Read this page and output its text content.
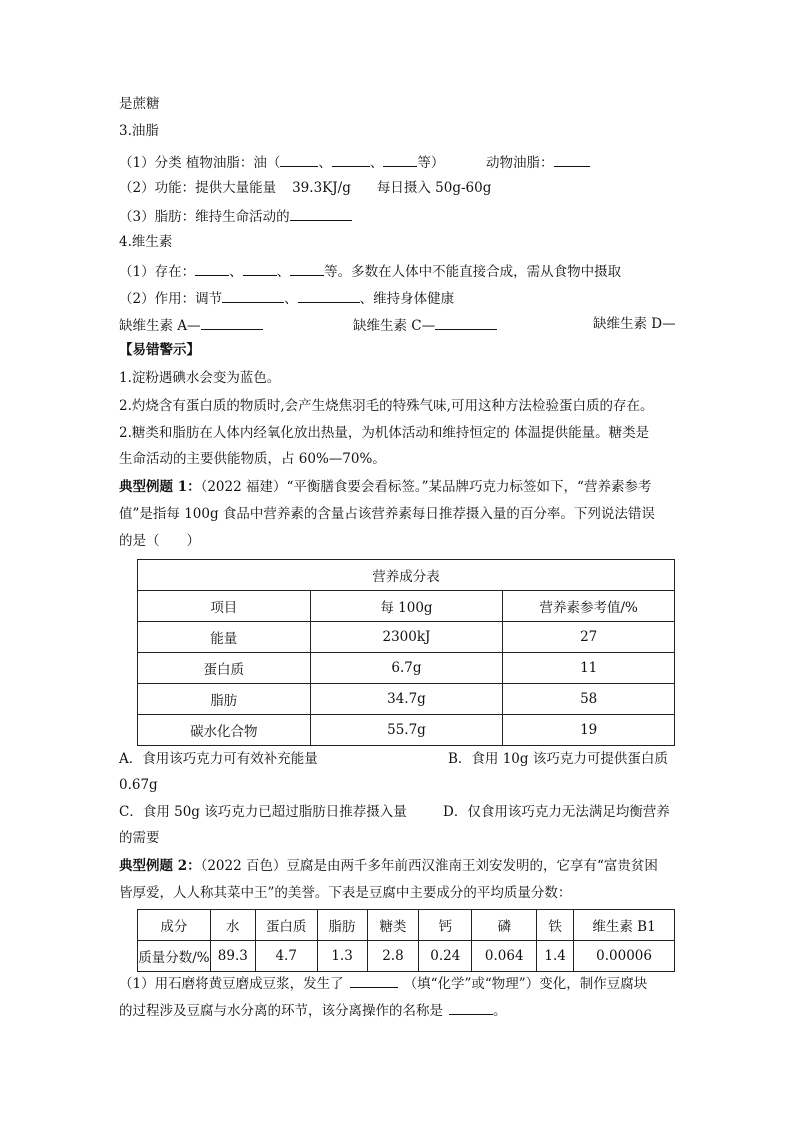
是蔗糖
3.油脂
（1）分类 植物油脂：油（	、	、	等）	动物油脂：
（2）功能：提供大量能量 39.3KJ/g 每日摄入 50g-60g
（3）脂肪：维持生命活动的
4.维生素
（1）存在：	、	、	等。多数在人体中不能直接合成，需从食物中摄取
（2）作用：调节	、	、维持身体健康
缺维生素 A—	缺维生素 C—	缺维生素 D—
【易错警示】
1.淀粉遇碘水会变为蓝色。
2.灼烧含有蛋白质的物质时,会产生烧焦羽毛的特殊气味,可用这种方法检验蛋白质的存在。
2.糖类和脂肪在人体内经氧化放出热量，为机体活动和维持恒定的 体温提供能量。糖类是
生命活动的主要供能物质，占 60%—70%。
典型例题 1：（2022 福建）“平衡膳食要会看标签。”某品牌巧克力标签如下，“营养素参考
值”是指每 100g 食品中营养素的含量占该营养素每日推荐摄入量的百分率。下列说法错误
的是（　　）
营养成分表		
项目	每 100g	营养素参考值/%
能量	2300kJ	27
蛋白质	6.7g	11
脂肪	34.7g	58
碳水化合物	55.7g	19
A．食用该巧克力可有效补充能量	B．食用 10g 该巧克力可提供蛋白质
0.67g
C．食用 50g 该巧克力已超过脂肪日推荐摄入量	D．仅食用该巧克力无法满足均衡营养
的需要
典型例题 2：（2022 百色）豆腐是由两千多年前西汉淮南王刘安发明的，它享有“富贵贫困
皆厚爱，人人称其菜中王”的美誉。下表是豆腐中主要成分的平均质量分数：
成分	水	蛋白质	脂肪	糖类	钙	磷	铁	维生素 B1
质量分数/%	89.3	4.7	1.3	2.8	0.24	0.064	1.4	0.00006
（1）用石磨将黄豆磨成豆浆，发生了	（填“化学”或“物理”）变化，制作豆腐块
的过程涉及豆腐与水分离的环节，该分离操作的名称是	。
